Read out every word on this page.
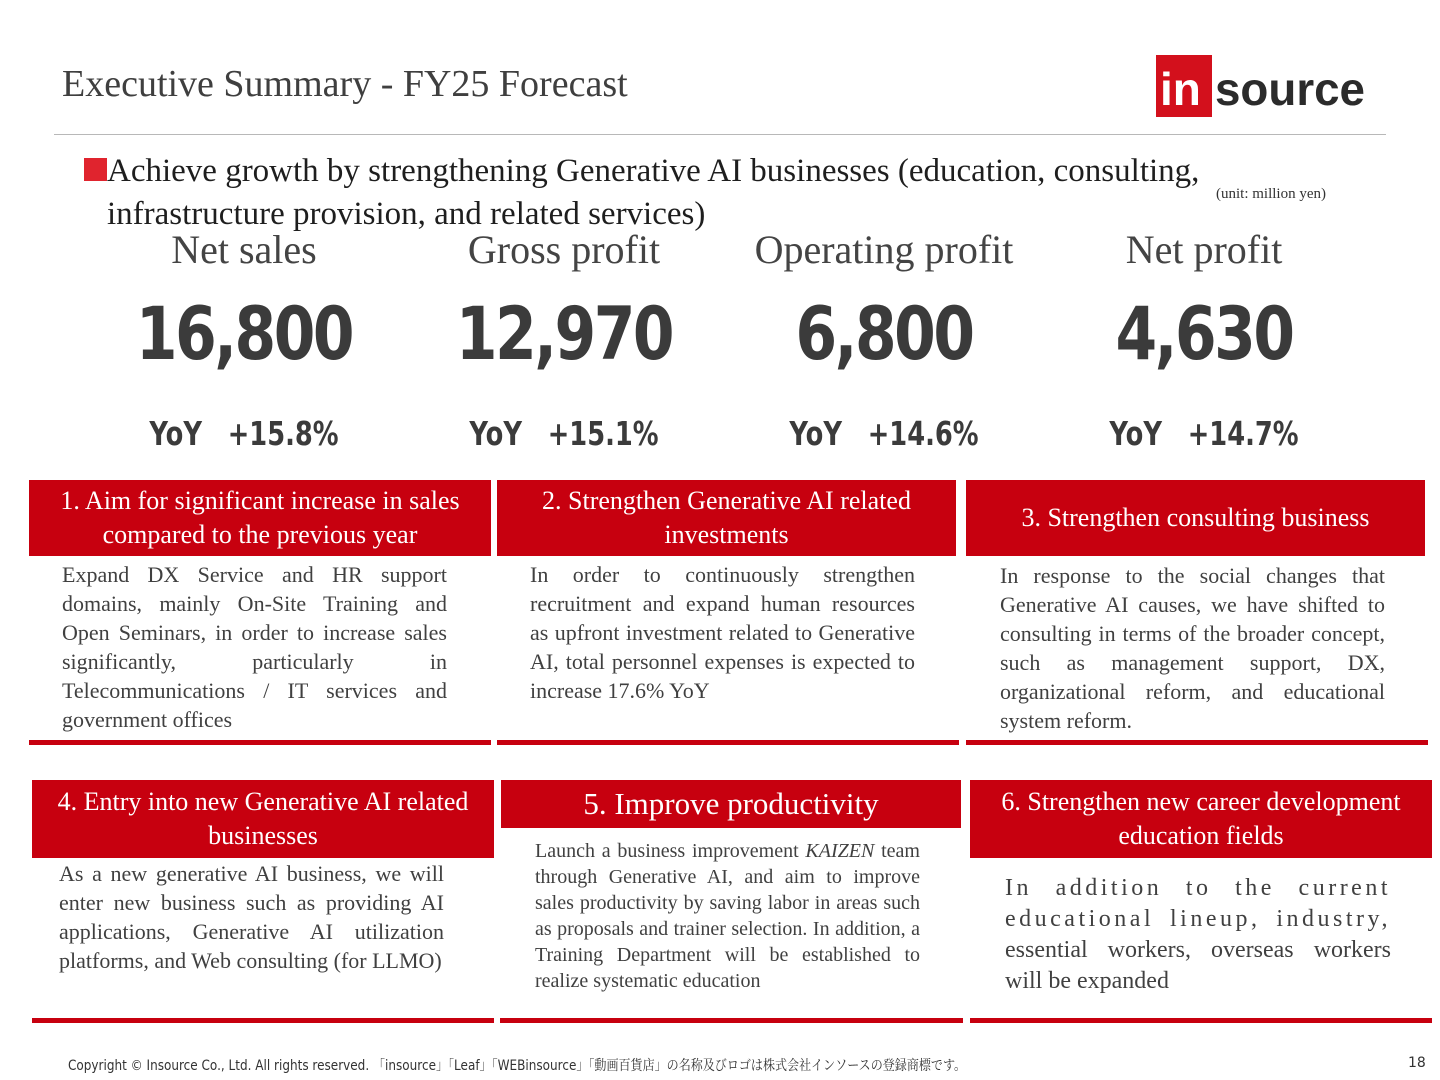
Executive Summary - FY25 Forecast	in source
Achieve growth by strengthening Generative AI businesses (education, consulting, infrastructure provision, and related services)
(unit: million yen)
Net sales
16,800
YoY　+15.8%
Gross profit
12,970
YoY　+15.1%
Operating profit
6,800
YoY　+14.6%
Net profit
4,630
YoY　+14.7%
1. Aim for significant increase in sales compared to the previous year
Expand DX Service and HR support domains, mainly On-Site Training and Open Seminars, in order to increase sales significantly, particularly in Telecommunications / IT services and government offices
2. Strengthen Generative AI related investments
In order to continuously strengthen recruitment and expand human resources as upfront investment related to Generative AI, total personnel expenses is expected to increase 17.6% YoY
3. Strengthen consulting business
In response to the social changes that Generative AI causes, we have shifted to consulting in terms of the broader concept, such as management support, DX, organizational reform, and educational system reform.
4. Entry into new Generative AI related businesses
As a new generative AI business, we will enter new business such as providing AI applications, Generative AI utilization platforms, and Web consulting (for LLMO)
5. Improve productivity
Launch a business improvement KAIZEN team through Generative AI, and aim to improve sales productivity by saving labor in areas such as proposals and trainer selection. In addition, a Training Department will be established to realize systematic education
6. Strengthen new career development education fields
In addition to the current educational lineup, industry, essential workers, overseas workers will be expanded
Copyright © Insource Co., Ltd. All rights reserved. 「insource」「Leaf」「WEBinsource」「動画百貨店」の名称及びロゴは株式会社インソースの登録商標です。	18
